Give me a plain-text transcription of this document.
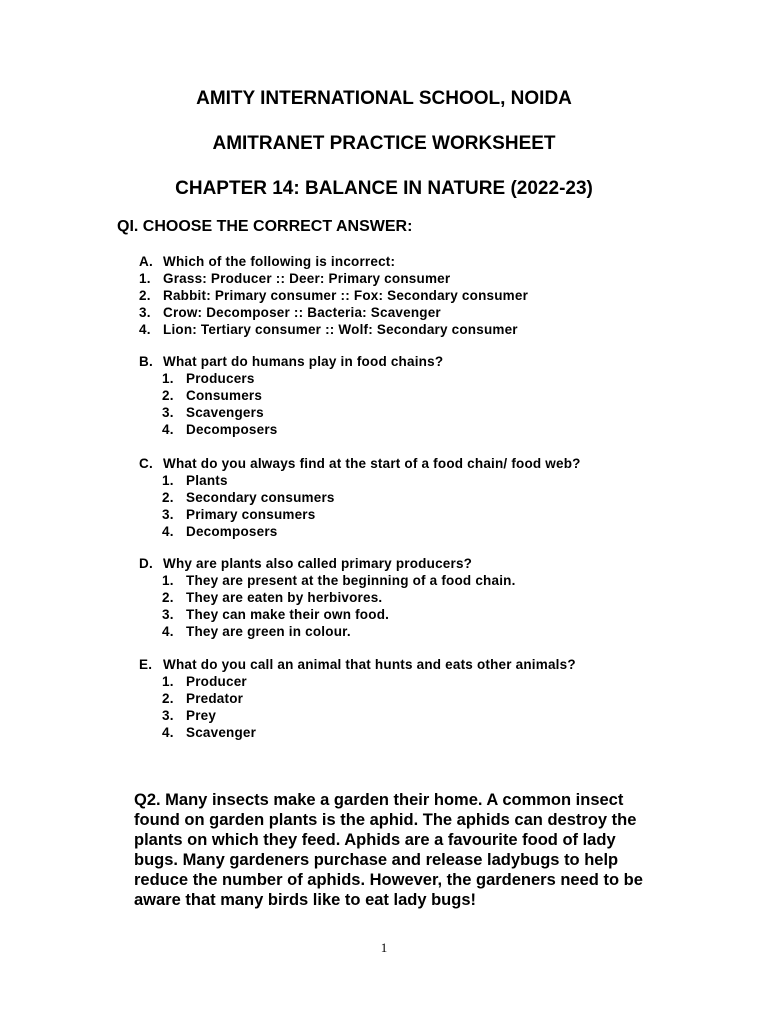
AMITY INTERNATIONAL SCHOOL, NOIDA
AMITRANET PRACTICE WORKSHEET
CHAPTER 14: BALANCE IN NATURE (2022-23)
QI. CHOOSE THE CORRECT ANSWER:
A. Which of the following is incorrect:
1. Grass: Producer :: Deer: Primary consumer
2. Rabbit: Primary consumer :: Fox: Secondary consumer
3. Crow: Decomposer :: Bacteria: Scavenger
4. Lion: Tertiary consumer :: Wolf: Secondary consumer
B. What part do humans play in food chains?
1. Producers
2. Consumers
3. Scavengers
4. Decomposers
C. What do you always find at the start of a food chain/ food web?
1. Plants
2. Secondary consumers
3. Primary consumers
4. Decomposers
D. Why are plants also called primary producers?
1. They are present at the beginning of a food chain.
2. They are eaten by herbivores.
3. They can make their own food.
4. They are green in colour.
E. What do you call an animal that hunts and eats other animals?
1. Producer
2. Predator
3. Prey
4. Scavenger

Q2. Many insects make a garden their home. A common insect found on garden plants is the aphid. The aphids can destroy the plants on which they feed. Aphids are a favourite food of lady bugs. Many gardeners purchase and release ladybugs to help reduce the number of aphids. However, the gardeners need to be aware that many birds like to eat lady bugs!

1
